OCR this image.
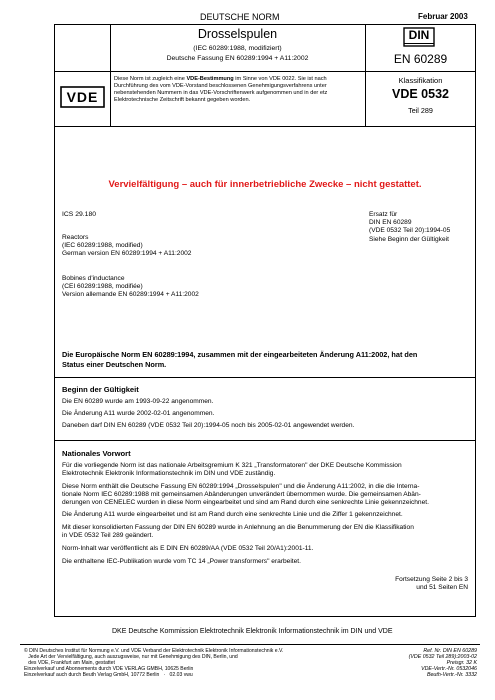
DEUTSCHE NORM	Februar 2003
Drosselspulen
(IEC 60289:1988, modifiziert)
Deutsche Fassung EN 60289:1994 + A11:2002
DIN
EN 60289
VDE
Diese Norm ist zugleich eine VDE-Bestimmung im Sinne von VDE 0022. Sie ist nach
Durchführung des vom VDE-Vorstand beschlossenen Genehmigungsverfahrens unter
nebenstehenden Nummern in das VDE-Vorschriftenwerk aufgenommen und in der etz
Elektrotechnische Zeitschrift bekannt gegeben worden.
Klassifikation
VDE 0532
Teil 289
Vervielfältigung – auch für innerbetriebliche Zwecke – nicht gestattet.
ICS 29.180	Ersatz für
DIN EN 60289
(VDE 0532 Teil 20):1994-05
Siehe Beginn der Gültigkeit
Reactors
(IEC 60289:1988, modified)
German version EN 60289:1994 + A11:2002
Bobines d'inductance
(CEI 60289:1988, modifiée)
Version allemande EN 60289:1994 + A11:2002
Die Europäische Norm EN 60289:1994, zusammen mit der eingearbeiteten Änderung A11:2002, hat den
Status einer Deutschen Norm.
Beginn der Gültigkeit
Die EN 60289 wurde am 1993-09-22 angenommen.
Die Änderung A11 wurde 2002-02-01 angenommen.
Daneben darf DIN EN 60289 (VDE 0532 Teil 20):1994-05 noch bis 2005-02-01 angewendet werden.
Nationales Vorwort
Für die vorliegende Norm ist das nationale Arbeitsgremium K 321 „Transformatoren" der DKE Deutsche Kommission
Elektrotechnik Elektronik Informationstechnik im DIN und VDE zuständig.
Diese Norm enthält die Deutsche Fassung EN 60289:1994 „Drosselspulen" und die Änderung A11:2002, in die die Interna-
tionale Norm IEC 60289:1988 mit gemeinsamen Abänderungen unverändert übernommen wurde. Die gemeinsamen Abän-
derungen von CENELEC wurden in diese Norm eingearbeitet und sind am Rand durch eine senkrechte Linie gekennzeichnet.
Die Änderung A11 wurde eingearbeitet und ist am Rand durch eine senkrechte Linie und die Ziffer 1 gekennzeichnet.
Mit dieser konsolidierten Fassung der DIN EN 60289 wurde in Anlehnung an die Benummerung der EN die Klassifikation
in VDE 0532 Teil 289 geändert.
Norm-Inhalt war veröffentlicht als E DIN EN 60289/AA (VDE 0532 Teil 20/A1):2001-11.
Die enthaltene IEC-Publikation wurde vom TC 14 „Power transformers" erarbeitet.
Fortsetzung Seite 2 bis 3
und 51 Seiten EN
DKE Deutsche Kommission Elektrotechnik Elektronik Informationstechnik im DIN und VDE
© DIN Deutsches Institut für Normung e.V. und VDE Verband der Elektrotechnik Elektronik Informationstechnik e.V.
Jede Art der Vervielfältigung, auch auszugsweise, nur mit Genehmigung des DIN, Berlin, und
des VDE, Frankfurt am Main, gestattet
Einzelverkauf und Abonnements durch VDE VERLAG GMBH, 10625 Berlin
Einzelverkauf auch durch Beuth Verlag GmbH, 10772 Berlin   ·   02.03 vwu
Ref. Nr. DIN EN 60289
(VDE 0532 Teil 289):2003-02
Preisgr. 32 K
VDE-Vertr.-Nr. 0532046
Beuth-Vertr.-Nr. 3332
